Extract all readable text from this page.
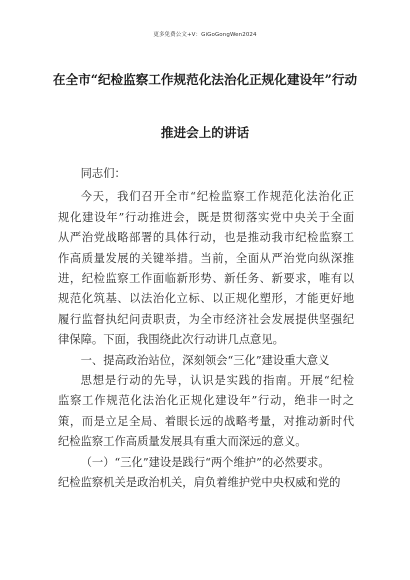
更多免费公文+V：GiGoGongWen2024
在全市“纪检监察工作规范化法治化正规化建设年”行动
推进会上的讲话

同志们：

今天，我们召开全市“纪检监察工作规范化法治化正
规化建设年”行动推进会，既是贯彻落实党中央关于全面
从严治党战略部署的具体行动，也是推动我市纪检监察工
作高质量发展的关键举措。当前，全面从严治党向纵深推
进，纪检监察工作面临新形势、新任务、新要求，唯有以
规范化筑基、以法治化立标、以正规化塑形，才能更好地
履行监督执纪问责职责，为全市经济社会发展提供坚强纪
律保障。下面，我围绕此次行动讲几点意见。
一、提高政治站位，深刻领会“三化”建设重大意义
思想是行动的先导，认识是实践的指南。开展“纪检
监察工作规范化法治化正规化建设年”行动，绝非一时之
策，而是立足全局、着眼长远的战略考量，对推动新时代
纪检监察工作高质量发展具有重大而深远的意义。
（一）“三化”建设是践行“两个维护”的必然要求。
纪检监察机关是政治机关，肩负着维护党中央权威和党的
